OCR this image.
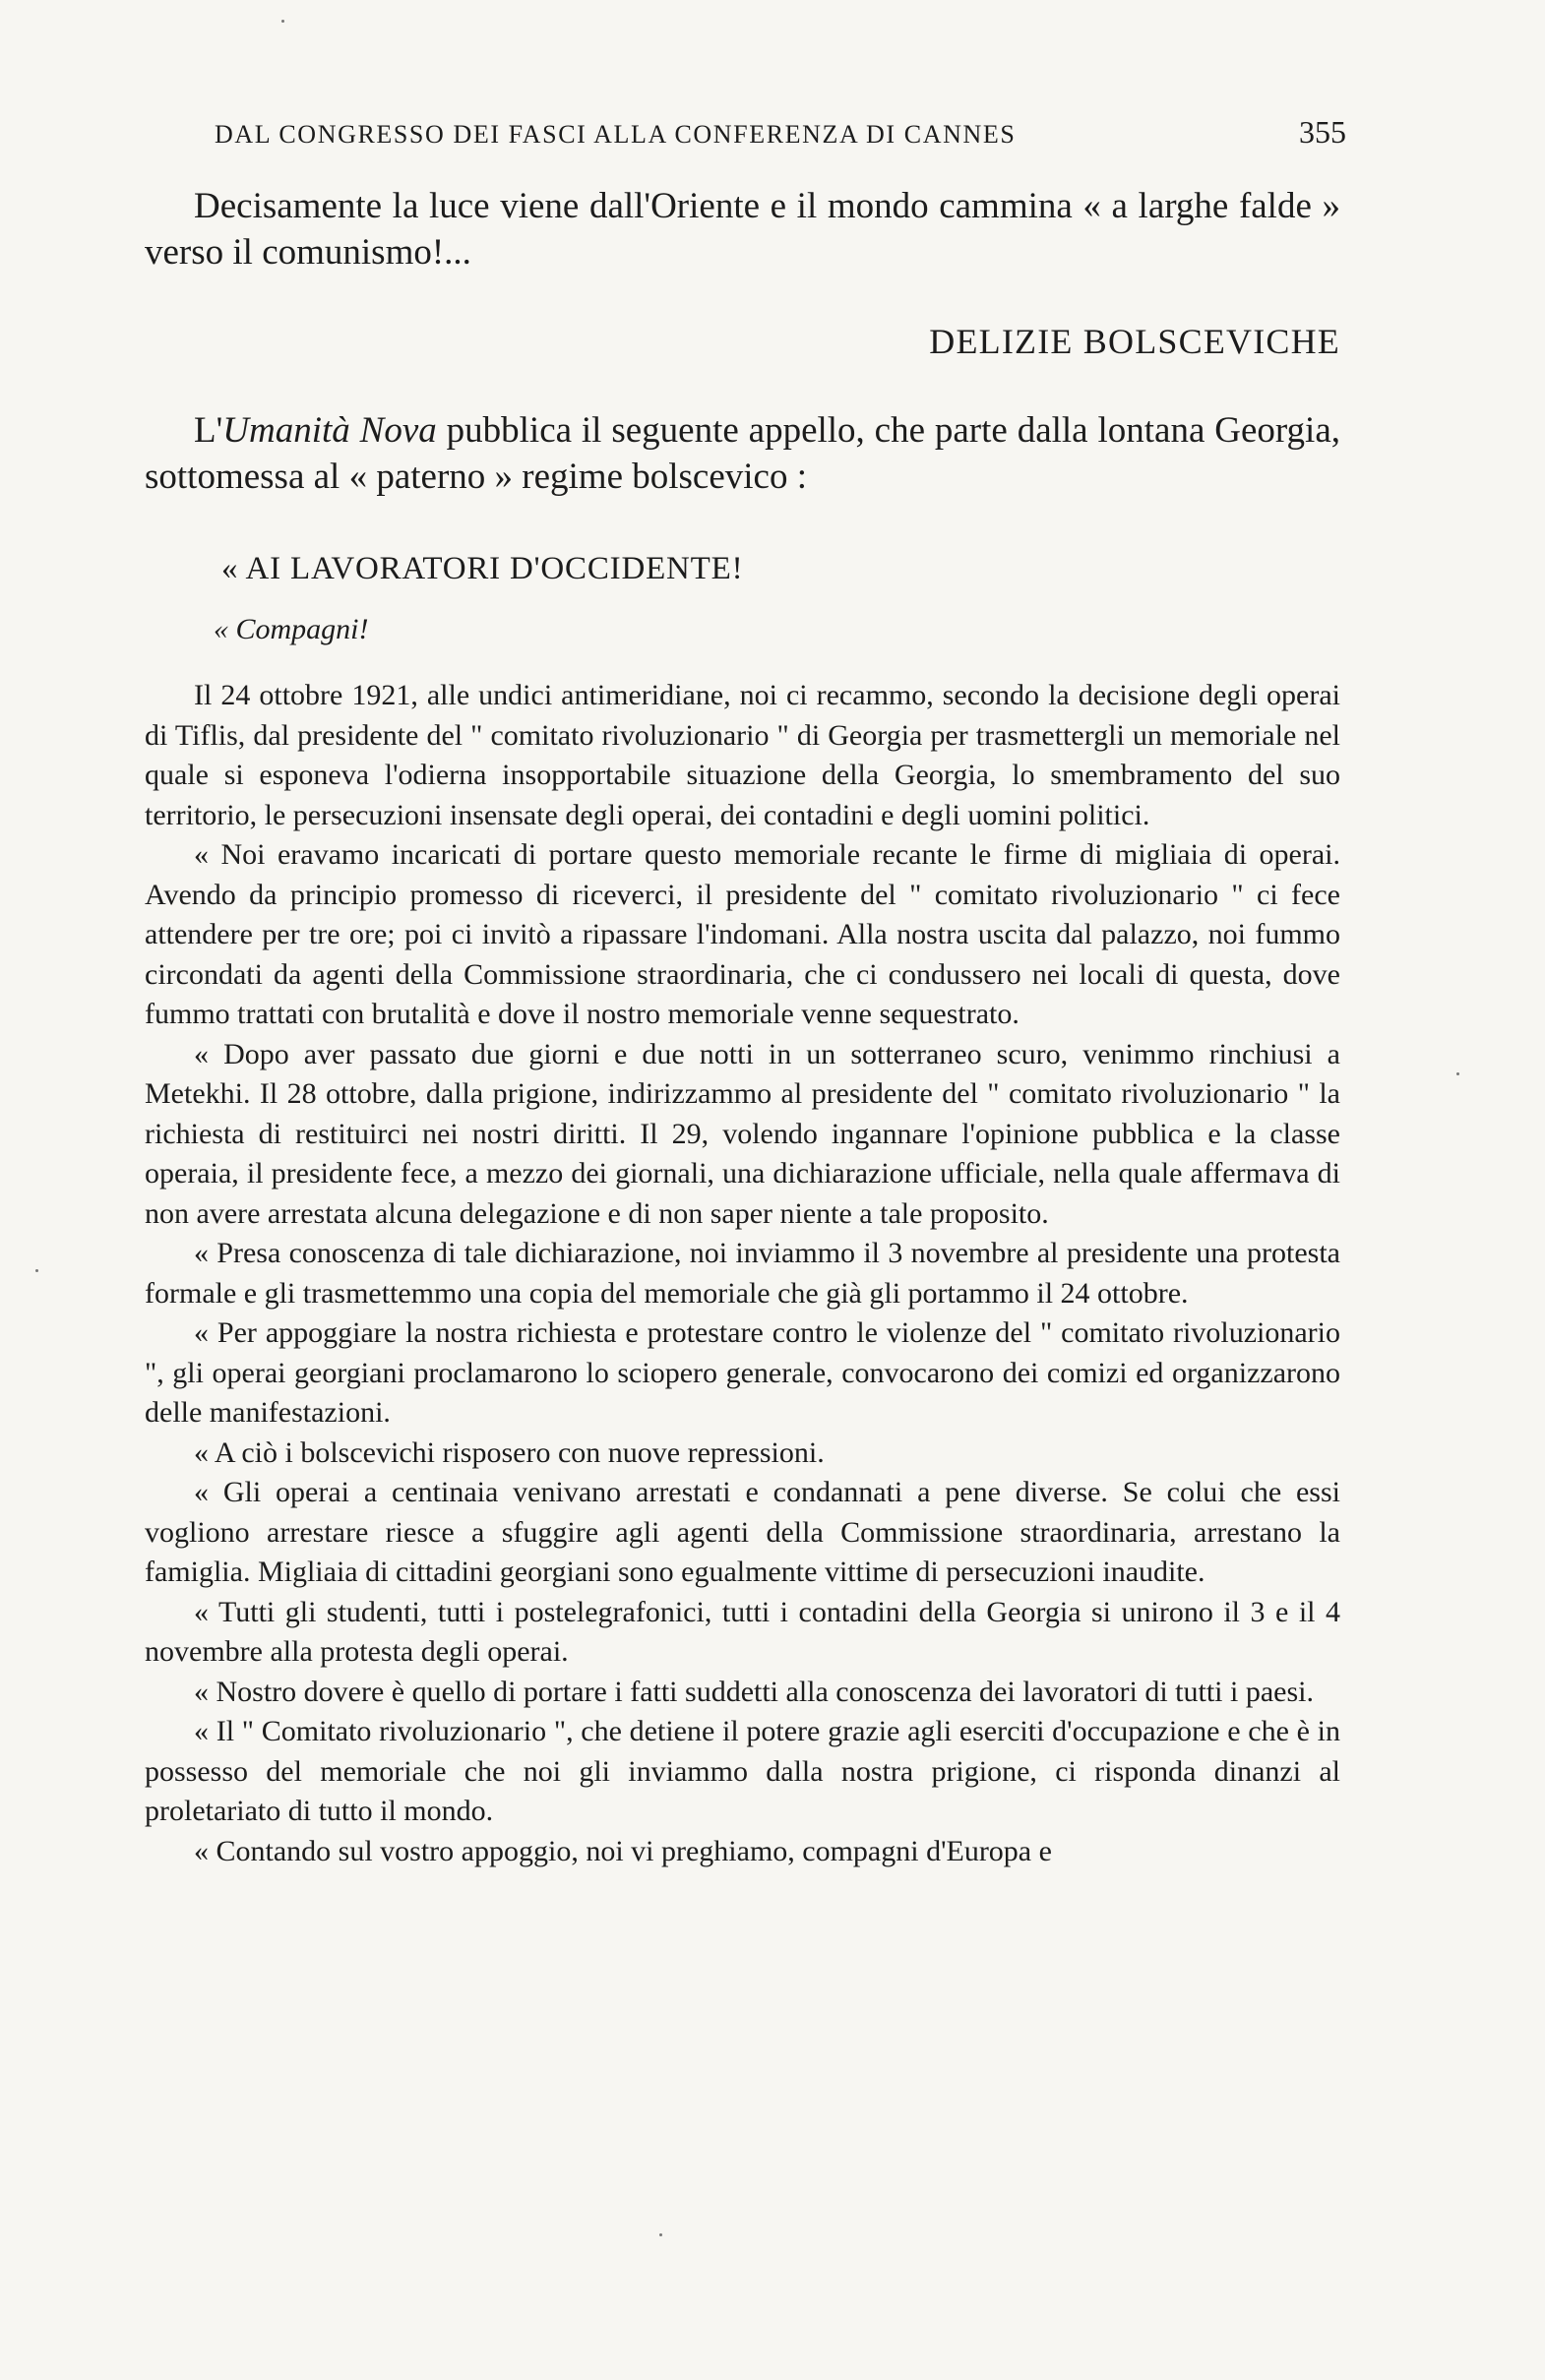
DAL CONGRESSO DEI FASCI ALLA CONFERENZA DI CANNES	355

Decisamente la luce viene dall'Oriente e il mondo cammina « a larghe falde » verso il comunismo!...

DELIZIE BOLSCEVICHE

L'Umanità Nova pubblica il seguente appello, che parte dalla lontana Georgia, sottomessa al « paterno » regime bolscevico :

« AI LAVORATORI D'OCCIDENTE!
« Compagni!

Il 24 ottobre 1921, alle undici antimeridiane, noi ci recammo, secondo la decisione degli operai di Tiflis, dal presidente del " comitato rivoluzionario " di Georgia per trasmettergli un memoriale nel quale si esponeva l'odierna insopportabile situazione della Georgia, lo smembramento del suo territorio, le persecuzioni insensate degli operai, dei contadini e degli uomini politici.

« Noi eravamo incaricati di portare questo memoriale recante le firme di migliaia di operai. Avendo da principio promesso di riceverci, il presidente del " comitato rivoluzionario " ci fece attendere per tre ore; poi ci invitò a ripassare l'indomani. Alla nostra uscita dal palazzo, noi fummo circondati da agenti della Commissione straordinaria, che ci condussero nei locali di questa, dove fummo trattati con brutalità e dove il nostro memoriale venne sequestrato.

« Dopo aver passato due giorni e due notti in un sotterraneo scuro, venimmo rinchiusi a Metekhi. Il 28 ottobre, dalla prigione, indirizzammo al presidente del " comitato rivoluzionario " la richiesta di restituirci nei nostri diritti. Il 29, volendo ingannare l'opinione pubblica e la classe operaia, il presidente fece, a mezzo dei giornali, una dichiarazione ufficiale, nella quale affermava di non avere arrestata alcuna delegazione e di non saper niente a tale proposito.

« Presa conoscenza di tale dichiarazione, noi inviammo il 3 novembre al presidente una protesta formale e gli trasmettemmo una copia del memoriale che già gli portammo il 24 ottobre.

« Per appoggiare la nostra richiesta e protestare contro le violenze del " comitato rivoluzionario ", gli operai georgiani proclamarono lo sciopero generale, convocarono dei comizi ed organizzarono delle manifestazioni.

« A ciò i bolscevichi risposero con nuove repressioni.

« Gli operai a centinaia venivano arrestati e condannati a pene diverse. Se colui che essi vogliono arrestare riesce a sfuggire agli agenti della Commissione straordinaria, arrestano la famiglia. Migliaia di cittadini georgiani sono egualmente vittime di persecuzioni inaudite.

« Tutti gli studenti, tutti i postelegrafonici, tutti i contadini della Georgia si unirono il 3 e il 4 novembre alla protesta degli operai.

« Nostro dovere è quello di portare i fatti suddetti alla conoscenza dei lavoratori di tutti i paesi.

« Il " Comitato rivoluzionario ", che detiene il potere grazie agli eserciti d'occupazione e che è in possesso del memoriale che noi gli inviammo dalla nostra prigione, ci risponda dinanzi al proletariato di tutto il mondo.

« Contando sul vostro appoggio, noi vi preghiamo, compagni d'Europa e
